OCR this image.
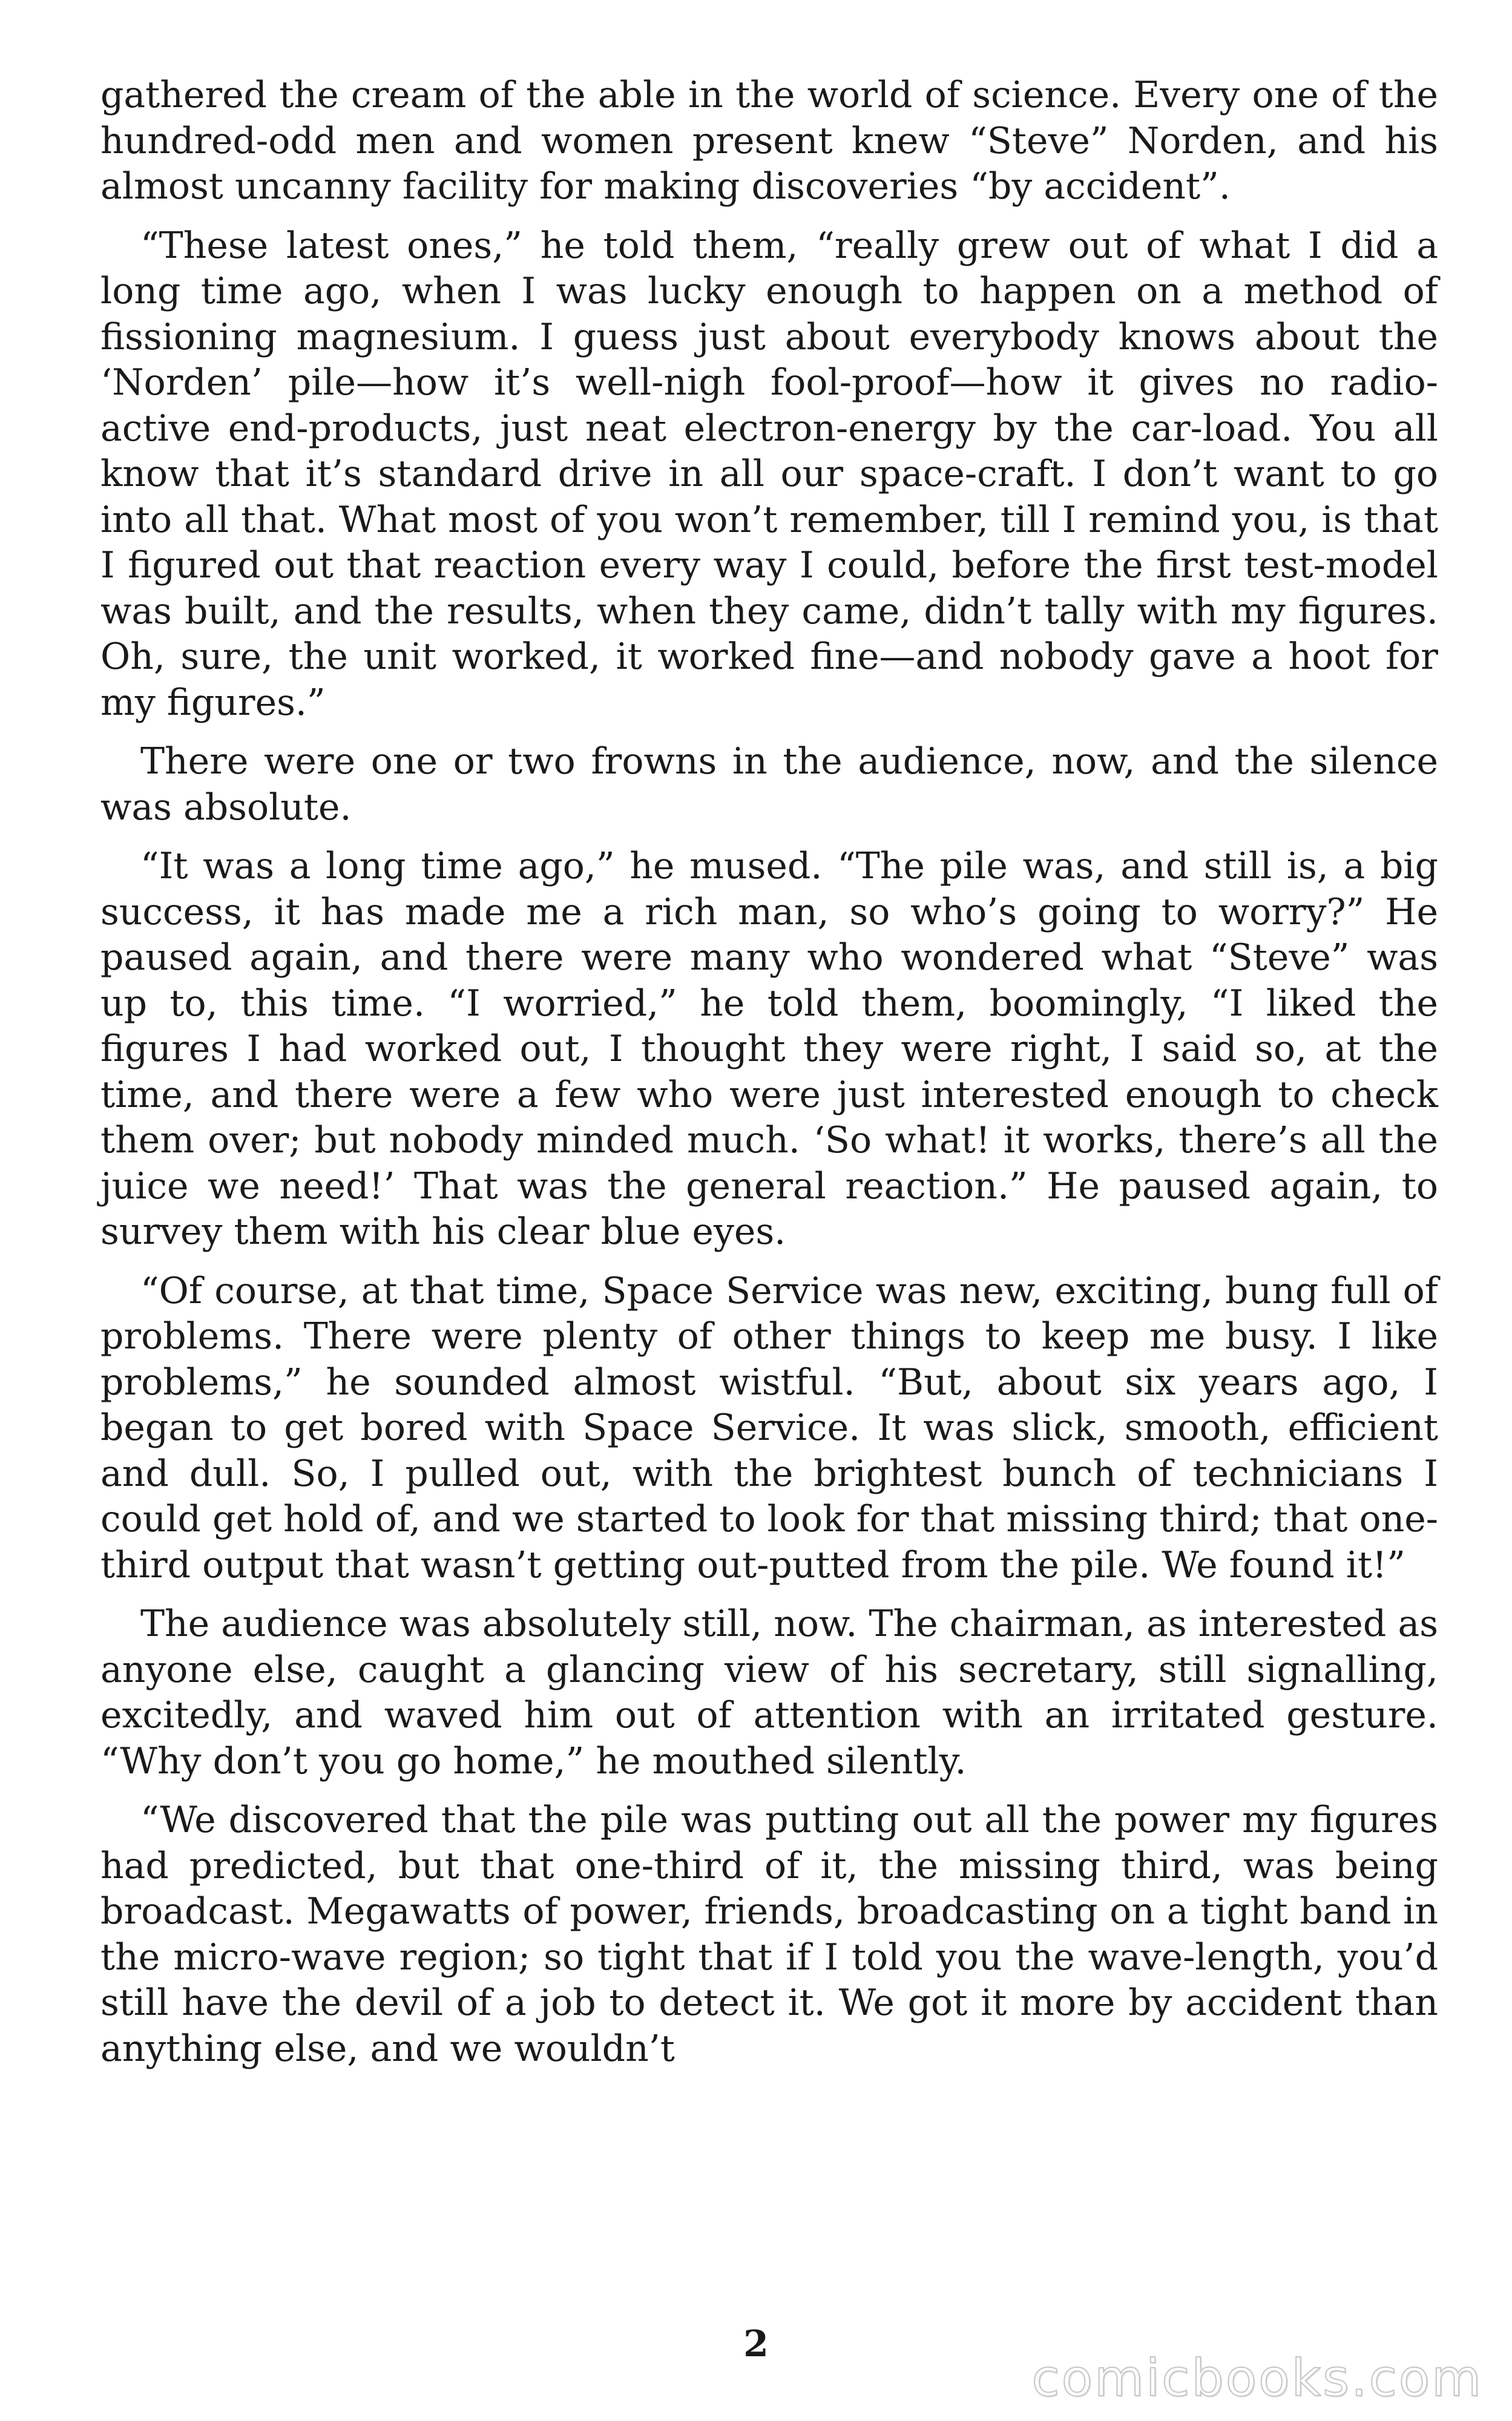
gathered the cream of the able in the world of science. Every one of the hundred-odd men and women present knew “Steve” Norden, and his almost uncanny facility for making discoveries “by accident”.

“These latest ones,” he told them, “really grew out of what I did a long time ago, when I was lucky enough to happen on a method of fissioning magnesium. I guess just about everybody knows about the ‘Norden’ pile—how it’s well-nigh fool-proof—how it gives no radio-active end-products, just neat electron-energy by the car-load. You all know that it’s standard drive in all our space-craft. I don’t want to go into all that. What most of you won’t remember, till I remind you, is that I figured out that reaction every way I could, before the first test-model was built, and the results, when they came, didn’t tally with my figures. Oh, sure, the unit worked, it worked fine—and nobody gave a hoot for my figures.”

There were one or two frowns in the audience, now, and the silence was absolute.

“It was a long time ago,” he mused. “The pile was, and still is, a big success, it has made me a rich man, so who’s going to worry?” He paused again, and there were many who wondered what “Steve” was up to, this time. “I worried,” he told them, boomingly, “I liked the figures I had worked out, I thought they were right, I said so, at the time, and there were a few who were just interested enough to check them over; but nobody minded much. ‘So what! it works, there’s all the juice we need!’ That was the general reaction.” He paused again, to survey them with his clear blue eyes.

“Of course, at that time, Space Service was new, exciting, bung full of problems. There were plenty of other things to keep me busy. I like problems,” he sounded almost wistful. “But, about six years ago, I began to get bored with Space Service. It was slick, smooth, efficient and dull. So, I pulled out, with the brightest bunch of technicians I could get hold of, and we started to look for that missing third; that one-third output that wasn’t getting out-putted from the pile. We found it!”

The audience was absolutely still, now. The chairman, as interested as anyone else, caught a glancing view of his secretary, still signalling, excitedly, and waved him out of attention with an irritated gesture. “Why don’t you go home,” he mouthed silently.

“We discovered that the pile was putting out all the power my figures had predicted, but that one-third of it, the missing third, was being broadcast. Megawatts of power, friends, broadcasting on a tight band in the micro-wave region; so tight that if I told you the wave-length, you’d still have the devil of a job to detect it. We got it more by accident than anything else, and we wouldn’t

2
comicbooks.com
